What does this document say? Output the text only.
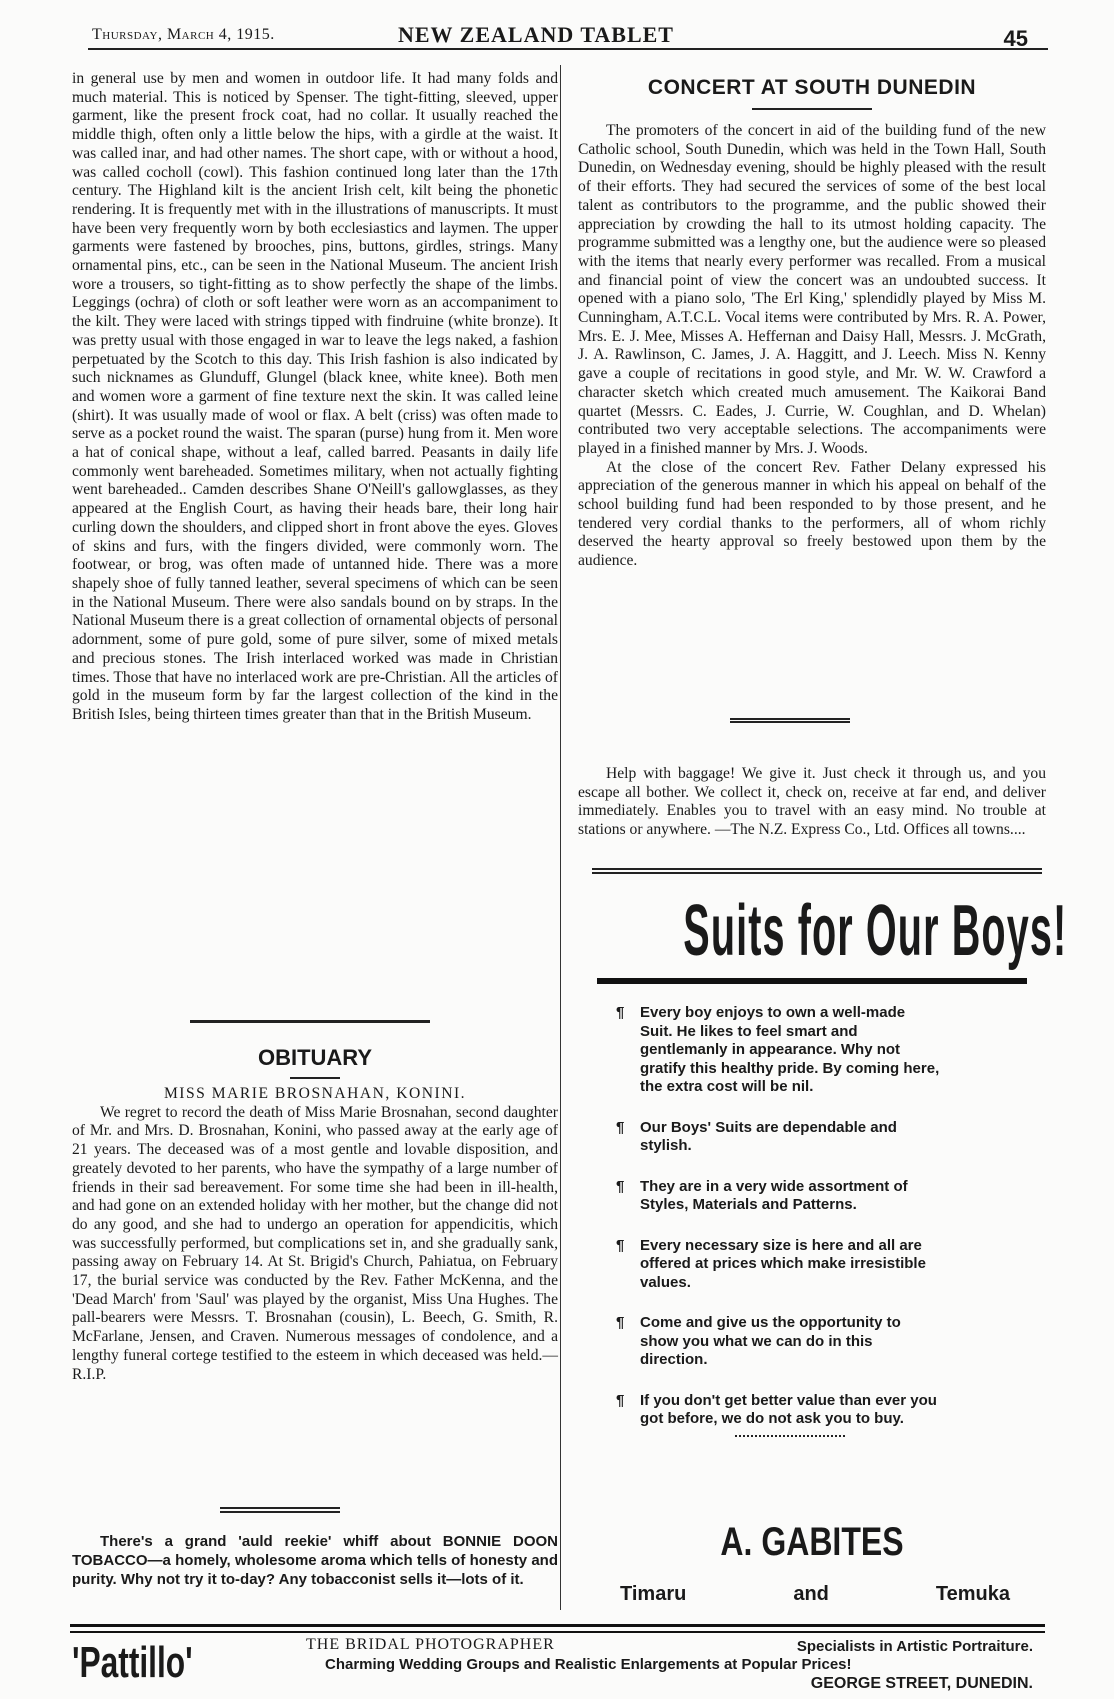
Thursday, March 4, 1915.	NEW ZEALAND TABLET	45

in general use by men and women in outdoor life. It had many folds and much material. This is noticed by Spenser. The tight-fitting, sleeved, upper garment, like the present frock coat, had no collar. It usually reached the middle thigh, often only a little below the hips, with a girdle at the waist. It was called inar, and had other names. The short cape, with or without a hood, was called cocholl (cowl). This fashion continued long later than the 17th century. The Highland kilt is the ancient Irish celt, kilt being the phonetic rendering. It is frequently met with in the illustrations of manuscripts. It must have been very frequently worn by both ecclesiastics and laymen. The upper garments were fastened by brooches, pins, buttons, girdles, strings. Many ornamental pins, etc., can be seen in the National Museum. The ancient Irish wore a trousers, so tight-fitting as to show perfectly the shape of the limbs. Leggings (ochra) of cloth or soft leather were worn as an accompaniment to the kilt. They were laced with strings tipped with findruine (white bronze). It was pretty usual with those engaged in war to leave the legs naked, a fashion perpetuated by the Scotch to this day. This Irish fashion is also indicated by such nicknames as Glunduff, Glungel (black knee, white knee). Both men and women wore a garment of fine texture next the skin. It was called leine (shirt). It was usually made of wool or flax. A belt (criss) was often made to serve as a pocket round the waist. The sparan (purse) hung from it. Men wore a hat of conical shape, without a leaf, called barred. Peasants in daily life commonly went bareheaded. Sometimes military, when not actually fighting went bareheaded.. Camden describes Shane O'Neill's gallowglasses, as they appeared at the English Court, as having their heads bare, their long hair curling down the shoulders, and clipped short in front above the eyes. Gloves of skins and furs, with the fingers divided, were commonly worn. The footwear, or brog, was often made of untanned hide. There was a more shapely shoe of fully tanned leather, several specimens of which can be seen in the National Museum. There were also sandals bound on by straps. In the National Museum there is a great collection of ornamental objects of personal adornment, some of pure gold, some of pure silver, some of mixed metals and precious stones. The Irish interlaced worked was made in Christian times. Those that have no interlaced work are pre-Christian. All the articles of gold in the museum form by far the largest collection of the kind in the British Isles, being thirteen times greater than that in the British Museum.

OBITUARY
MISS MARIE BROSNAHAN, KONINI.

We regret to record the death of Miss Marie Brosnahan, second daughter of Mr. and Mrs. D. Brosnahan, Konini, who passed away at the early age of 21 years. The deceased was of a most gentle and lovable disposition, and greately devoted to her parents, who have the sympathy of a large number of friends in their sad bereavement. For some time she had been in ill-health, and had gone on an extended holiday with her mother, but the change did not do any good, and she had to undergo an operation for appendicitis, which was successfully performed, but complications set in, and she gradually sank, passing away on February 14. At St. Brigid's Church, Pahiatua, on February 17, the burial service was conducted by the Rev. Father McKenna, and the 'Dead March' from 'Saul' was played by the organist, Miss Una Hughes. The pall-bearers were Messrs. T. Brosnahan (cousin), L. Beech, G. Smith, R. McFarlane, Jensen, and Craven. Numerous messages of condolence, and a lengthy funeral cortege testified to the esteem in which deceased was held.—R.I.P.

There's a grand 'auld reekie' whiff about BONNIE DOON TOBACCO—a homely, wholesome aroma which tells of honesty and purity. Why not try it to-day? Any tobacconist sells it—lots of it.

CONCERT AT SOUTH DUNEDIN

The promoters of the concert in aid of the building fund of the new Catholic school, South Dunedin, which was held in the Town Hall, South Dunedin, on Wednesday evening, should be highly pleased with the result of their efforts. They had secured the services of some of the best local talent as contributors to the programme, and the public showed their appreciation by crowding the hall to its utmost holding capacity. The programme submitted was a lengthy one, but the audience were so pleased with the items that nearly every performer was recalled. From a musical and financial point of view the concert was an undoubted success. It opened with a piano solo, 'The Erl King,' splendidly played by Miss M. Cunningham, A.T.C.L. Vocal items were contributed by Mrs. R. A. Power, Mrs. E. J. Mee, Misses A. Heffernan and Daisy Hall, Messrs. J. McGrath, J. A. Rawlinson, C. James, J. A. Haggitt, and J. Leech. Miss N. Kenny gave a couple of recitations in good style, and Mr. W. W. Crawford a character sketch which created much amusement. The Kaikorai Band quartet (Messrs. C. Eades, J. Currie, W. Coughlan, and D. Whelan) contributed two very acceptable selections. The accompaniments were played in a finished manner by Mrs. J. Woods.

At the close of the concert Rev. Father Delany expressed his appreciation of the generous manner in which his appeal on behalf of the school building fund had been responded to by those present, and he tendered very cordial thanks to the performers, all of whom richly deserved the hearty approval so freely bestowed upon them by the audience.

Help with baggage! We give it. Just check it through us, and you escape all bother. We collect it, check on, receive at far end, and deliver immediately. Enables you to travel with an easy mind. No trouble at stations or anywhere. —The N.Z. Express Co., Ltd. Offices all towns....

Suits for Our Boys!
¶ Every boy enjoys to own a well-made Suit. He likes to feel smart and gentlemanly in appearance. Why not gratify this healthy pride. By coming here, the extra cost will be nil.
¶ Our Boys' Suits are dependable and stylish.
¶ They are in a very wide assortment of Styles, Materials and Patterns.
¶ Every necessary size is here and all are offered at prices which make irresistible values.
¶ Come and give us the opportunity to show you what we can do in this direction.
¶ If you don't get better value than ever you got before, we do not ask you to buy.
A. GABITES
Timaru	and	Temuka
'Pattillo'	THE BRIDAL PHOTOGRAPHER	Specialists in Artistic Portraiture.
Charming Wedding Groups and Realistic Enlargements at Popular Prices!
GEORGE STREET, DUNEDIN.
